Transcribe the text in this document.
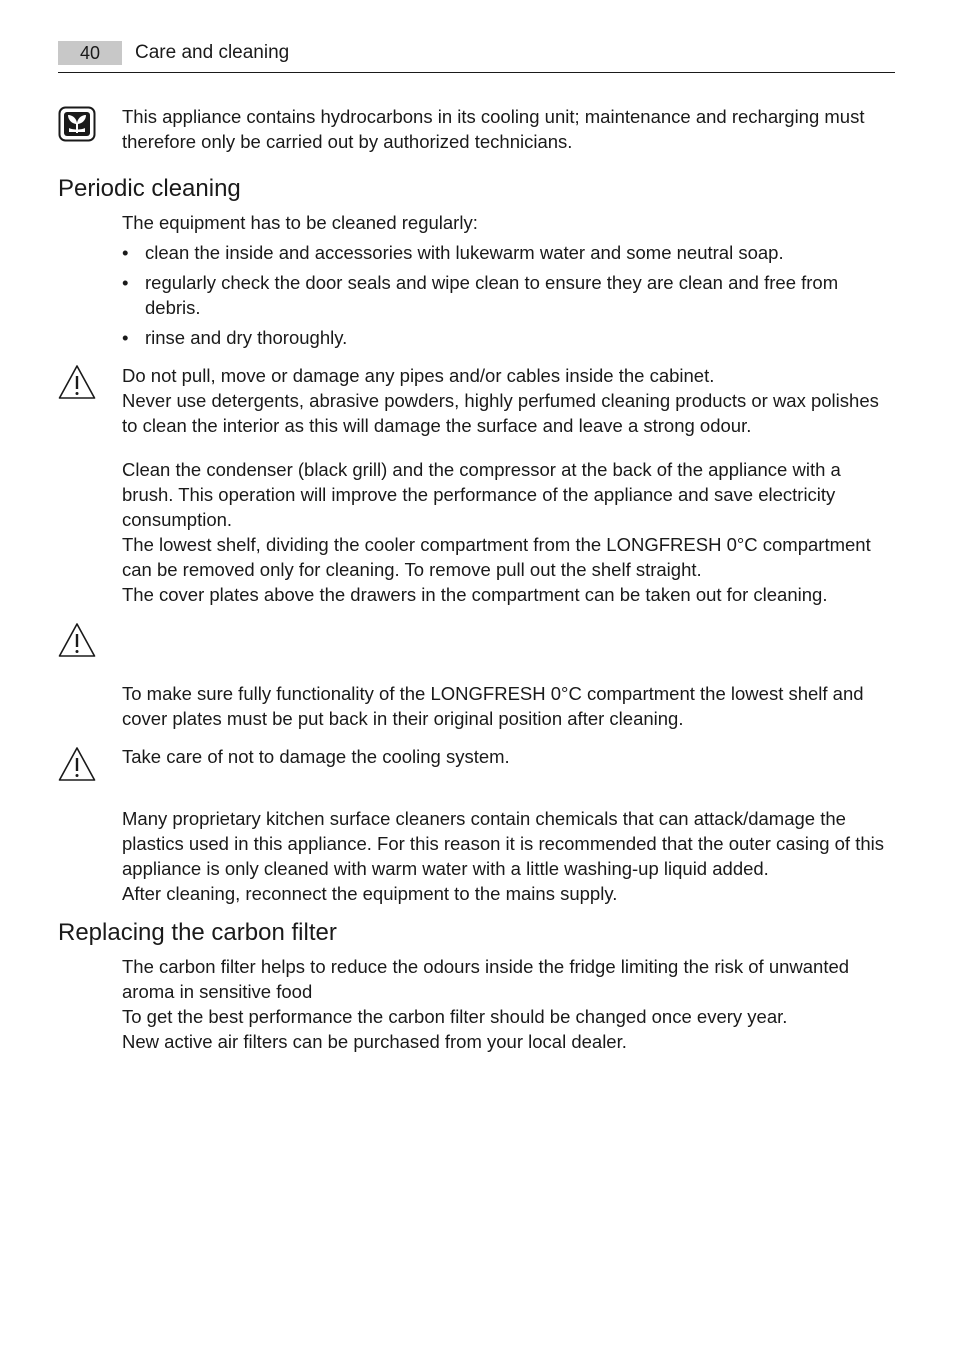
40	Care and cleaning

This appliance contains hydrocarbons in its cooling unit; maintenance and recharging must therefore only be carried out by authorized technicians.

Periodic cleaning

The equipment has to be cleaned regularly:

• clean the inside and accessories with lukewarm water and some neutral soap.
• regularly check the door seals and wipe clean to ensure they are clean and free from debris.
• rinse and dry thoroughly.

Do not pull, move or damage any pipes and/or cables inside the cabinet.

Never use detergents, abrasive powders, highly perfumed cleaning products or wax polishes to clean the interior as this will damage the surface and leave a strong odour.

Clean the condenser (black grill) and the compressor at the back of the appliance with a brush. This operation will improve the performance of the appliance and save electricity consumption.

The lowest shelf, dividing the cooler compartment from the LONGFRESH 0°C compartment can be removed only for cleaning. To remove pull out the shelf straight.

The cover plates above the drawers in the compartment can be taken out for cleaning.

To make sure fully functionality of the LONGFRESH 0°C compartment the lowest shelf and cover plates must be put back in their original position after cleaning.

Take care of not to damage the cooling system.

Many proprietary kitchen surface cleaners contain chemicals that can attack/damage the plastics used in this appliance. For this reason it is recommended that the outer casing of this appliance is only cleaned with warm water with a little washing-up liquid added.

After cleaning, reconnect the equipment to the mains supply.

Replacing the carbon filter

The carbon filter helps to reduce the odours inside the fridge limiting the risk of unwanted aroma in sensitive food

To get the best performance the carbon filter should be changed once every year.

New active air filters can be purchased from your local dealer.
